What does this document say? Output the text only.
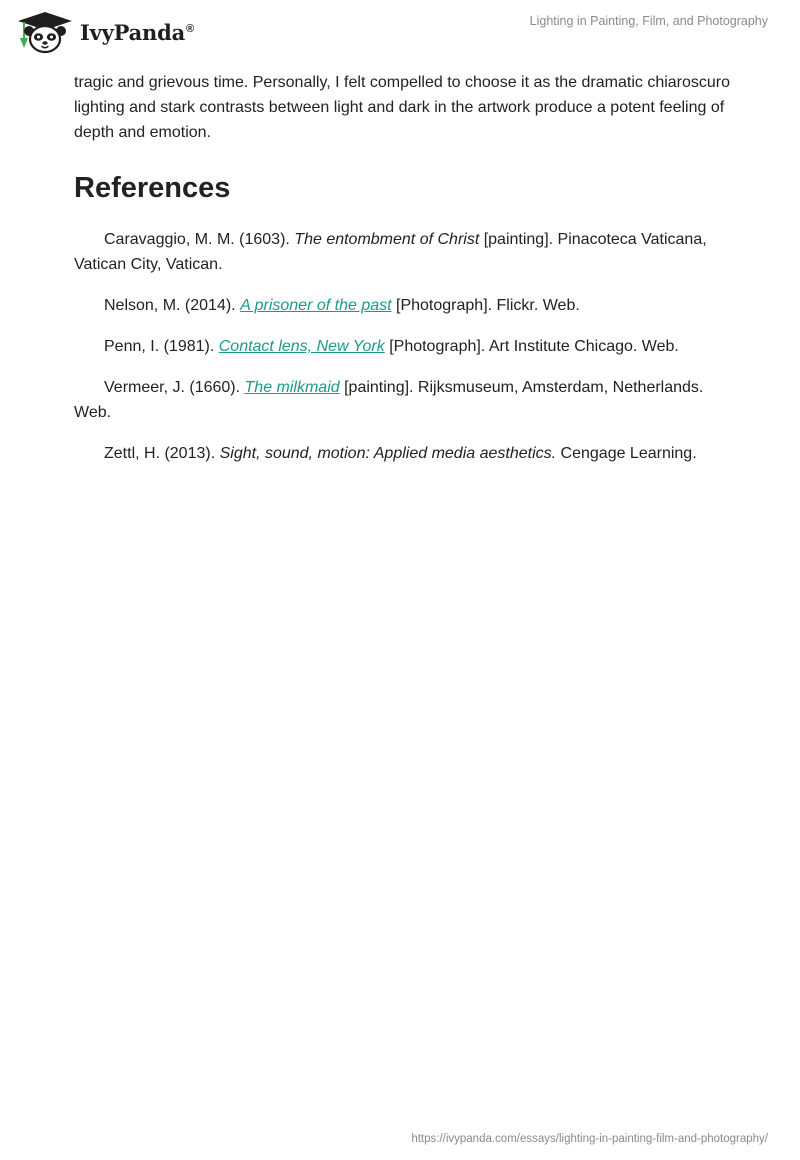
IvyPanda®
Lighting in Painting, Film, and Photography

tragic and grievous time. Personally, I felt compelled to choose it as the dramatic chiaroscuro lighting and stark contrasts between light and dark in the artwork produce a potent feeling of depth and emotion.

References

Caravaggio, M. M. (1603). The entombment of Christ [painting]. Pinacoteca Vaticana, Vatican City, Vatican.

Nelson, M. (2014). A prisoner of the past [Photograph]. Flickr. Web.

Penn, I. (1981). Contact lens, New York [Photograph]. Art Institute Chicago. Web.

Vermeer, J. (1660). The milkmaid [painting]. Rijksmuseum, Amsterdam, Netherlands. Web.

Zettl, H. (2013). Sight, sound, motion: Applied media aesthetics. Cengage Learning.

https://ivypanda.com/essays/lighting-in-painting-film-and-photography/
